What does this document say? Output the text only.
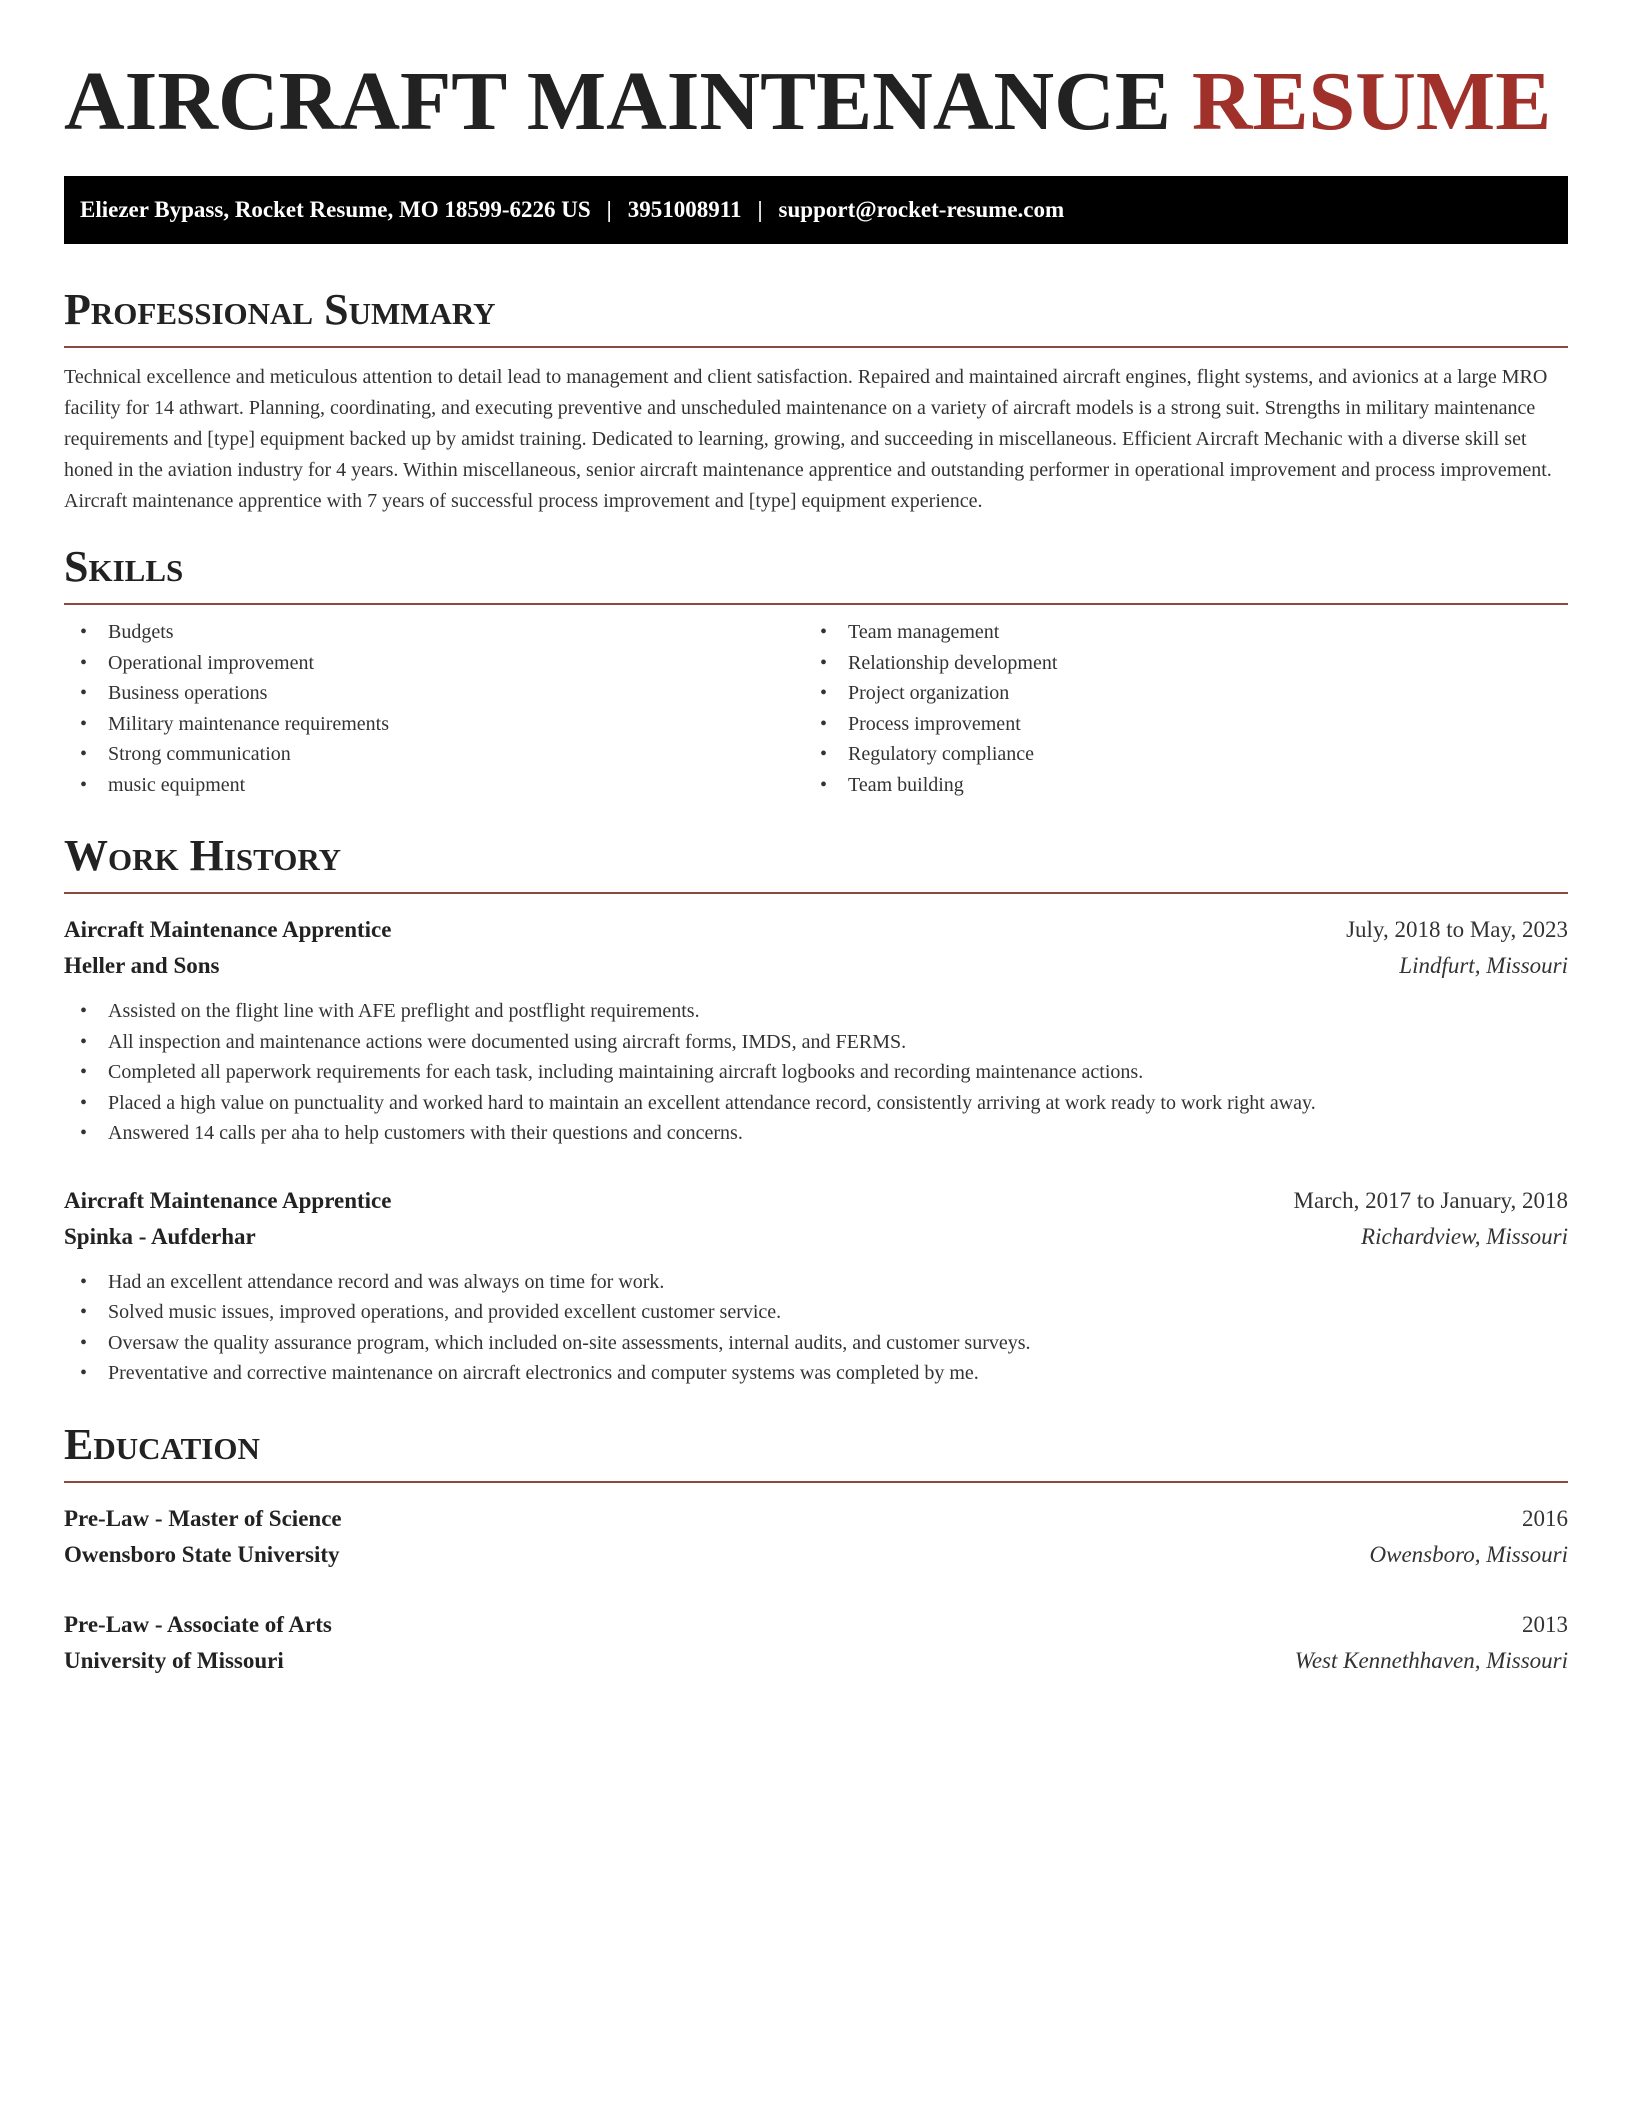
AIRCRAFT MAINTENANCE RESUME
Eliezer Bypass, Rocket Resume, MO 18599-6226 US | 3951008911 | support@rocket-resume.com
Professional Summary

Technical excellence and meticulous attention to detail lead to management and client satisfaction. Repaired and maintained aircraft engines, flight systems, and avionics at a large MRO facility for 14 athwart. Planning, coordinating, and executing preventive and unscheduled maintenance on a variety of aircraft models is a strong suit. Strengths in military maintenance requirements and [type] equipment backed up by amidst training. Dedicated to learning, growing, and succeeding in miscellaneous. Efficient Aircraft Mechanic with a diverse skill set honed in the aviation industry for 4 years. Within miscellaneous, senior aircraft maintenance apprentice and outstanding performer in operational improvement and process improvement. Aircraft maintenance apprentice with 7 years of successful process improvement and [type] equipment experience.

Skills
• Budgets
• Operational improvement
• Business operations
• Military maintenance requirements
• Strong communication
• music equipment
• Team management
• Relationship development
• Project organization
• Process improvement
• Regulatory compliance
• Team building
Work History
Aircraft Maintenance Apprentice	July, 2018 to May, 2023
Heller and Sons	Lindfurt, Missouri
• Assisted on the flight line with AFE preflight and postflight requirements.
• All inspection and maintenance actions were documented using aircraft forms, IMDS, and FERMS.
• Completed all paperwork requirements for each task, including maintaining aircraft logbooks and recording maintenance actions.
• Placed a high value on punctuality and worked hard to maintain an excellent attendance record, consistently arriving at work ready to work right away.
• Answered 14 calls per aha to help customers with their questions and concerns.
Aircraft Maintenance Apprentice	March, 2017 to January, 2018
Spinka - Aufderhar	Richardview, Missouri
• Had an excellent attendance record and was always on time for work.
• Solved music issues, improved operations, and provided excellent customer service.
• Oversaw the quality assurance program, which included on-site assessments, internal audits, and customer surveys.
• Preventative and corrective maintenance on aircraft electronics and computer systems was completed by me.
Education
Pre-Law - Master of Science	2016
Owensboro State University	Owensboro, Missouri
Pre-Law - Associate of Arts	2013
University of Missouri	West Kennethhaven, Missouri
